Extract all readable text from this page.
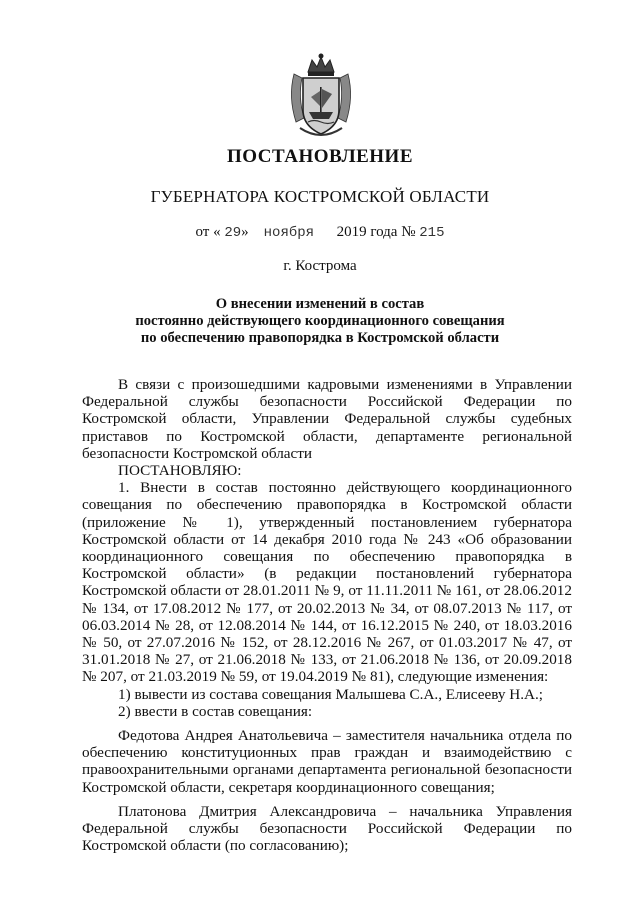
ПОСТАНОВЛЕНИЕ
ГУБЕРНАТОРА КОСТРОМСКОЙ ОБЛАСТИ
от « 29» ноября 2019 года № 215
г. Кострома
О внесении изменений в состав
постоянно действующего координационного совещания
по обеспечению правопорядка в Костромской области

В связи с произошедшими кадровыми изменениями в Управлении Федеральной службы безопасности Российской Федерации по Костромской области, Управлении Федеральной службы судебных приставов по Костромской области, департаменте региональной безопасности Костромской области

ПОСТАНОВЛЯЮ:

1. Внести в состав постоянно действующего координационного совещания по обеспечению правопорядка в Костромской области (приложение № 1), утвержденный постановлением губернатора Костромской области от 14 декабря 2010 года № 243 «Об образовании координационного совещания по обеспечению правопорядка в Костромской области» (в редакции постановлений губернатора Костромской области от 28.01.2011 № 9, от 11.11.2011 № 161, от 28.06.2012 № 134, от 17.08.2012 № 177, от 20.02.2013 № 34, от 08.07.2013 № 117, от 06.03.2014 № 28, от 12.08.2014 № 144, от 16.12.2015 № 240, от 18.03.2016 № 50, от 27.07.2016 № 152, от 28.12.2016 № 267, от 01.03.2017 № 47, от 31.01.2018 № 27, от 21.06.2018 № 133, от 21.06.2018 № 136, от 20.09.2018 № 207, от 21.03.2019 № 59, от 19.04.2019 № 81), следующие изменения:

1) вывести из состава совещания Малышева С.А., Елисееву Н.А.;

2) ввести в состав совещания:

Федотова Андрея Анатольевича – заместителя начальника отдела по обеспечению конституционных прав граждан и взаимодействию с правоохранительными органами департамента региональной безопасности Костромской области, секретаря координационного совещания;

Платонова Дмитрия Александровича – начальника Управления Федеральной службы безопасности Российской Федерации по Костромской области (по согласованию);
